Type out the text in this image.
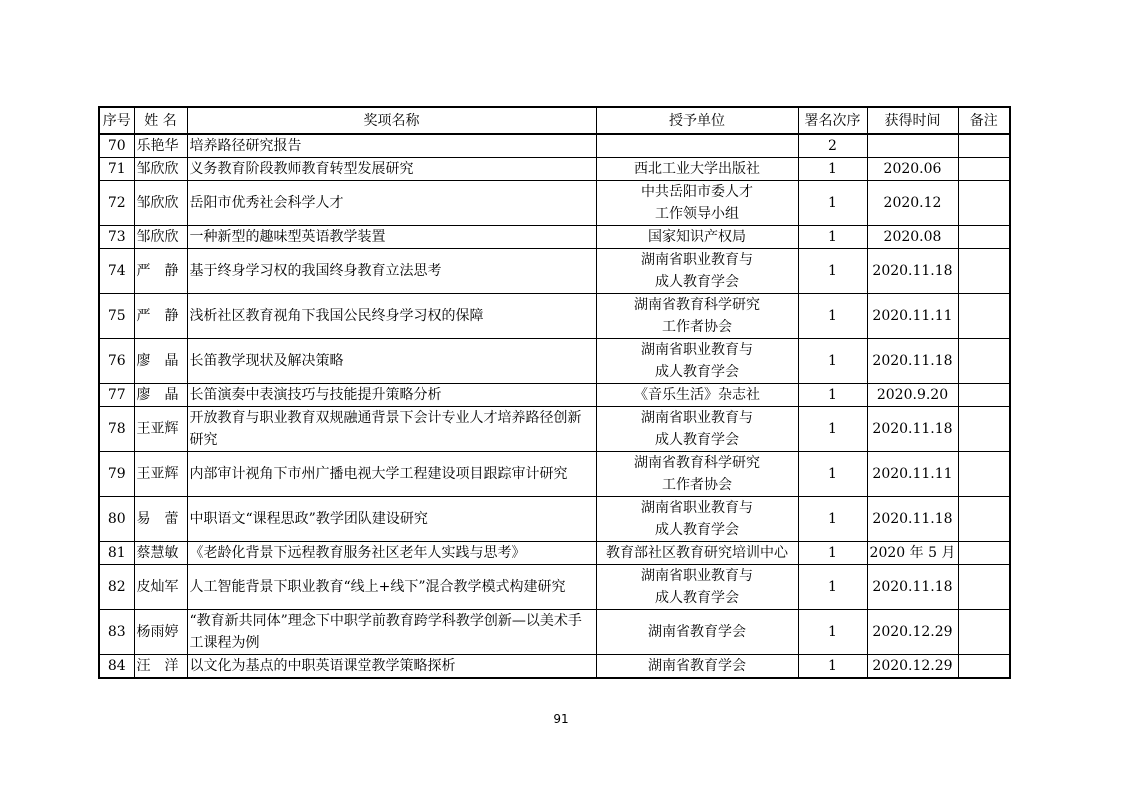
序号	姓 名	奖项名称	授予单位	署名次序	获得时间	备注
70	乐艳华	培养路径研究报告		2		
71	邹欣欣	义务教育阶段教师教育转型发展研究	西北工业大学出版社	1	2020.06	
72	邹欣欣	岳阳市优秀社会科学人才	中共岳阳市委人才
工作领导小组	1	2020.12	
73	邹欣欣	一种新型的趣味型英语教学装置	国家知识产权局	1	2020.08	
74	严　静	基于终身学习权的我国终身教育立法思考	湖南省职业教育与
成人教育学会	1	2020.11.18	
75	严　静	浅析社区教育视角下我国公民终身学习权的保障	湖南省教育科学研究
工作者协会	1	2020.11.11	
76	廖　晶	长笛教学现状及解决策略	湖南省职业教育与
成人教育学会	1	2020.11.18	
77	廖　晶	长笛演奏中表演技巧与技能提升策略分析	《音乐生活》杂志社	1	2020.9.20	
78	王亚辉	开放教育与职业教育双规融通背景下会计专业人才培养路径创新研究	湖南省职业教育与
成人教育学会	1	2020.11.18	
79	王亚辉	内部审计视角下市州广播电视大学工程建设项目跟踪审计研究	湖南省教育科学研究
工作者协会	1	2020.11.11	
80	易　蕾	中职语文“课程思政”教学团队建设研究	湖南省职业教育与
成人教育学会	1	2020.11.18	
81	蔡慧敏	《老龄化背景下远程教育服务社区老年人实践与思考》	教育部社区教育研究培训中心	1	2020 年 5 月	
82	皮灿军	人工智能背景下职业教育“线上+线下”混合教学模式构建研究	湖南省职业教育与
成人教育学会	1	2020.11.18	
83	杨雨婷	“教育新共同体”理念下中职学前教育跨学科教学创新—以美术手工课程为例	湖南省教育学会	1	2020.12.29	
84	汪　洋	以文化为基点的中职英语课堂教学策略探析	湖南省教育学会	1	2020.12.29	
91
